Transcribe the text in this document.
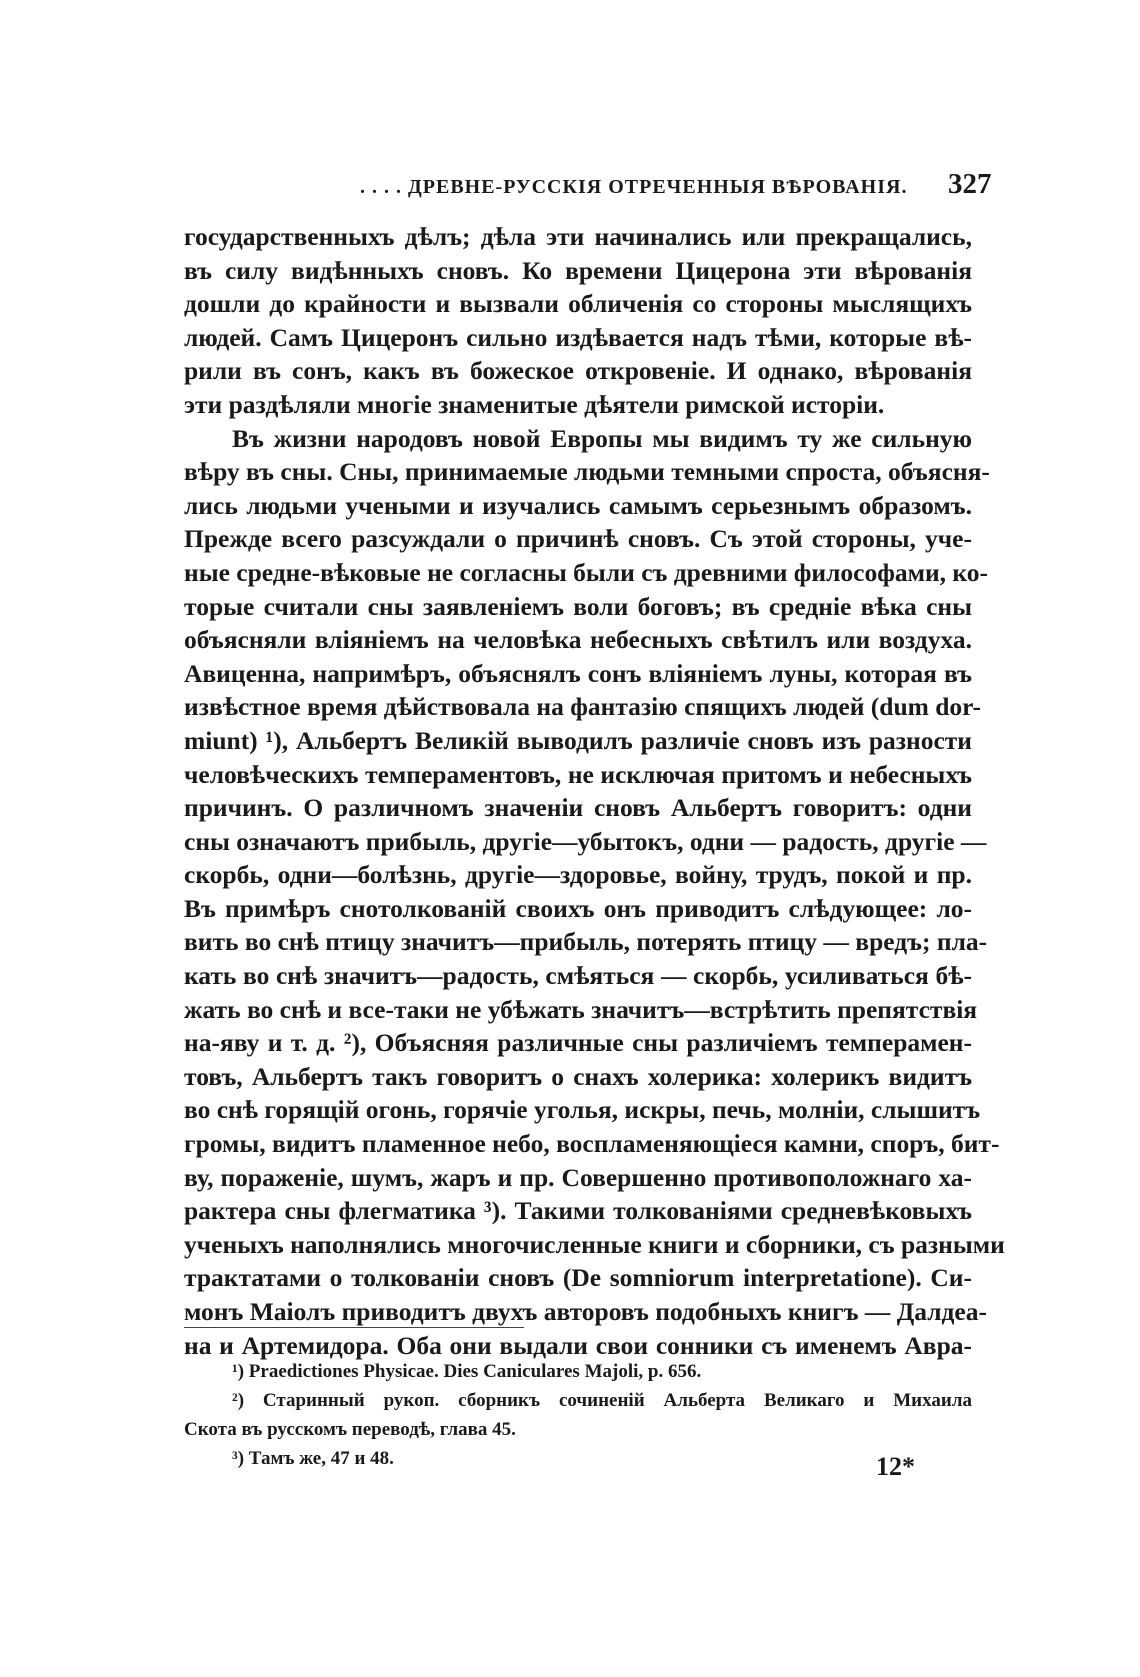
. . . . ДРЕВНЕ-РУССКІЯ ОТРЕЧЕННЫЯ ВѢРОВАНІЯ. 327
государственныхъ дѣлъ; дѣла эти начинались или прекращались,
въ силу видѣнныхъ сновъ. Ко времени Цицерона эти вѣрованія
дошли до крайности и вызвали обличенія со стороны мыслящихъ
людей. Самъ Цицеронъ сильно издѣвается надъ тѣми, которые вѣ-
рили въ сонъ, какъ въ божеское откровеніе. И однако, вѣрованія
эти раздѣляли многіе знаменитые дѣятели римской исторіи.
Въ жизни народовъ новой Европы мы видимъ ту же сильную
вѣру въ сны. Сны, принимаемые людьми темными спроста, объясня-
лись людьми учеными и изучались самымъ серьезнымъ образомъ.
Прежде всего разсуждали о причинѣ сновъ. Съ этой стороны, уче-
ные средне-вѣковые не согласны были съ древними философами, ко-
торые считали сны заявленіемъ воли боговъ; въ средніе вѣка сны
объясняли вліяніемъ на человѣка небесныхъ свѣтилъ или воздуха.
Авиценна, напримѣръ, объяснялъ сонъ вліяніемъ луны, которая въ
извѣстное время дѣйствовала на фантазію спящихъ людей (dum dor-
miunt) ¹), Альбертъ Великій выводилъ различіе сновъ изъ разности
человѣческихъ темпераментовъ, не исключая притомъ и небесныхъ
причинъ. О различномъ значеніи сновъ Альбертъ говоритъ: одни
сны означаютъ прибыль, другіе—убытокъ, одни — радость, другіе —
скорбь, одни—болѣзнь, другіе—здоровье, войну, трудъ, покой и пр.
Въ примѣръ снотолкованій своихъ онъ приводитъ слѣдующее: ло-
вить во снѣ птицу значитъ—прибыль, потерять птицу — вредъ; пла-
кать во снѣ значитъ—радость, смѣяться — скорбь, усиливаться бѣ-
жать во снѣ и все-таки не убѣжать значитъ—встрѣтить препятствія
на-яву и т. д. ²), Объясняя различные сны различіемъ темперамен-
товъ, Альбертъ такъ говоритъ о снахъ холерика: холерикъ видитъ
во снѣ горящій огонь, горячіе уголья, искры, печь, молніи, слышитъ
громы, видитъ пламенное небо, воспламеняющіеся камни, споръ, бит-
ву, пораженіе, шумъ, жаръ и пр. Совершенно противоположнаго ха-
рактера сны флегматика ³). Такими толкованіями средневѣковыхъ
ученыхъ наполнялись многочисленные книги и сборники, съ разными
трактатами о толкованіи сновъ (De somniorum interpretatione). Си-
монъ Маіолъ приводитъ двухъ авторовъ подобныхъ книгъ — Далдеа-
на и Артемидора. Оба они выдали свои сонники съ именемъ Авра-
¹) Praedictiones Physicae. Dies Caniculares Majoli, p. 656.
²) Старинный рукоп. сборникъ сочиненій Альберта Великаго и Михаила
Скота въ русскомъ переводѣ, глава 45.
³) Тамъ же, 47 и 48.	12*
